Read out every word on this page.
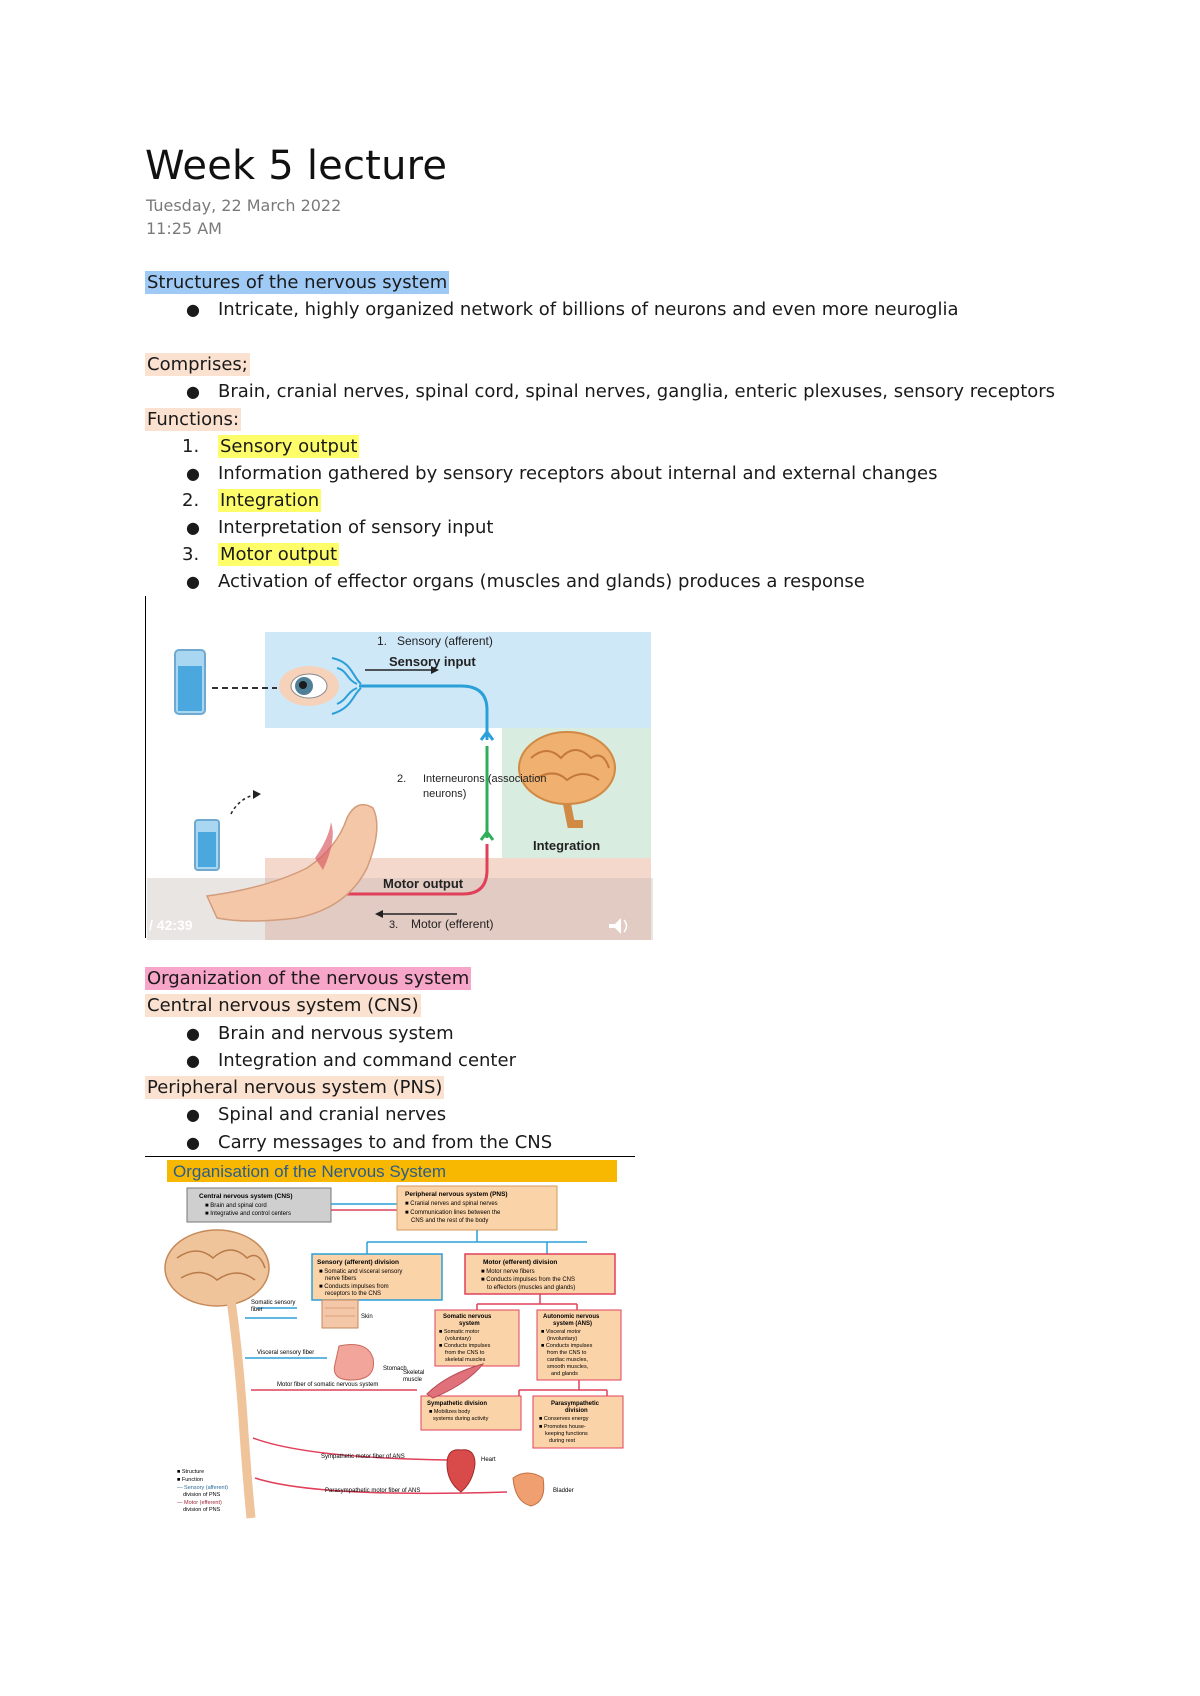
Week 5 lecture
Tuesday, 22 March 2022
11:25 AM
Structures of the nervous system
● Intricate, highly organized network of billions of neurons and even more neuroglia
Comprises;
● Brain, cranial nerves, spinal cord, spinal nerves, ganglia, enteric plexuses, sensory receptors
Functions:
1. Sensory output
● Information gathered by sensory receptors about internal and external changes
2. Integration
● Interpretation of sensory input
3. Motor output
● Activation of effector organs (muscles and glands) produces a response
1. Sensory (afferent)
Sensory input
2. Interneurons (association
neurons)
Integration
Motor output
3. Motor (efferent)
/ 42:39
Organization of the nervous system
Central nervous system (CNS)
● Brain and nervous system
● Integration and command center
Peripheral nervous system (PNS)
● Spinal and cranial nerves
● Carry messages to and from the CNS
Organisation of the Nervous System
Central nervous system (CNS)
■ Brain and spinal cord
■ Integrative and control centers
Peripheral nervous system (PNS)
■ Cranial nerves and spinal nerves
■ Communication lines between the
CNS and the rest of the body
Sensory (afferent) division
■ Somatic and visceral sensory
nerve fibers
■ Conducts impulses from
receptors to the CNS
Motor (efferent) division
■ Motor nerve fibers
■ Conducts impulses from the CNS
to effectors (muscles and glands)
Somatic nervous
system
■ Somatic motor
(voluntary)
■ Conducts impulses
from the CNS to
skeletal muscles
Autonomic nervous
system (ANS)
■ Visceral motor
(involuntary)
■ Conducts impulses
from the CNS to
cardiac muscles,
smooth muscles,
and glands
Sympathetic division
■ Mobilizes body
systems during activity
Parasympathetic
division
■ Conserves energy
■ Promotes house-
keeping functions
during rest
Somatic sensory
fiber
Skin
Visceral sensory fiber
Stomach
Skeletal
muscle
Motor fiber of somatic nervous system
Sympathetic motor fiber of ANS	Heart
Parasympathetic motor fiber of ANS	Bladder
■ Structure
■ Function
— Sensory (afferent)
division of PNS
— Motor (efferent)
division of PNS
